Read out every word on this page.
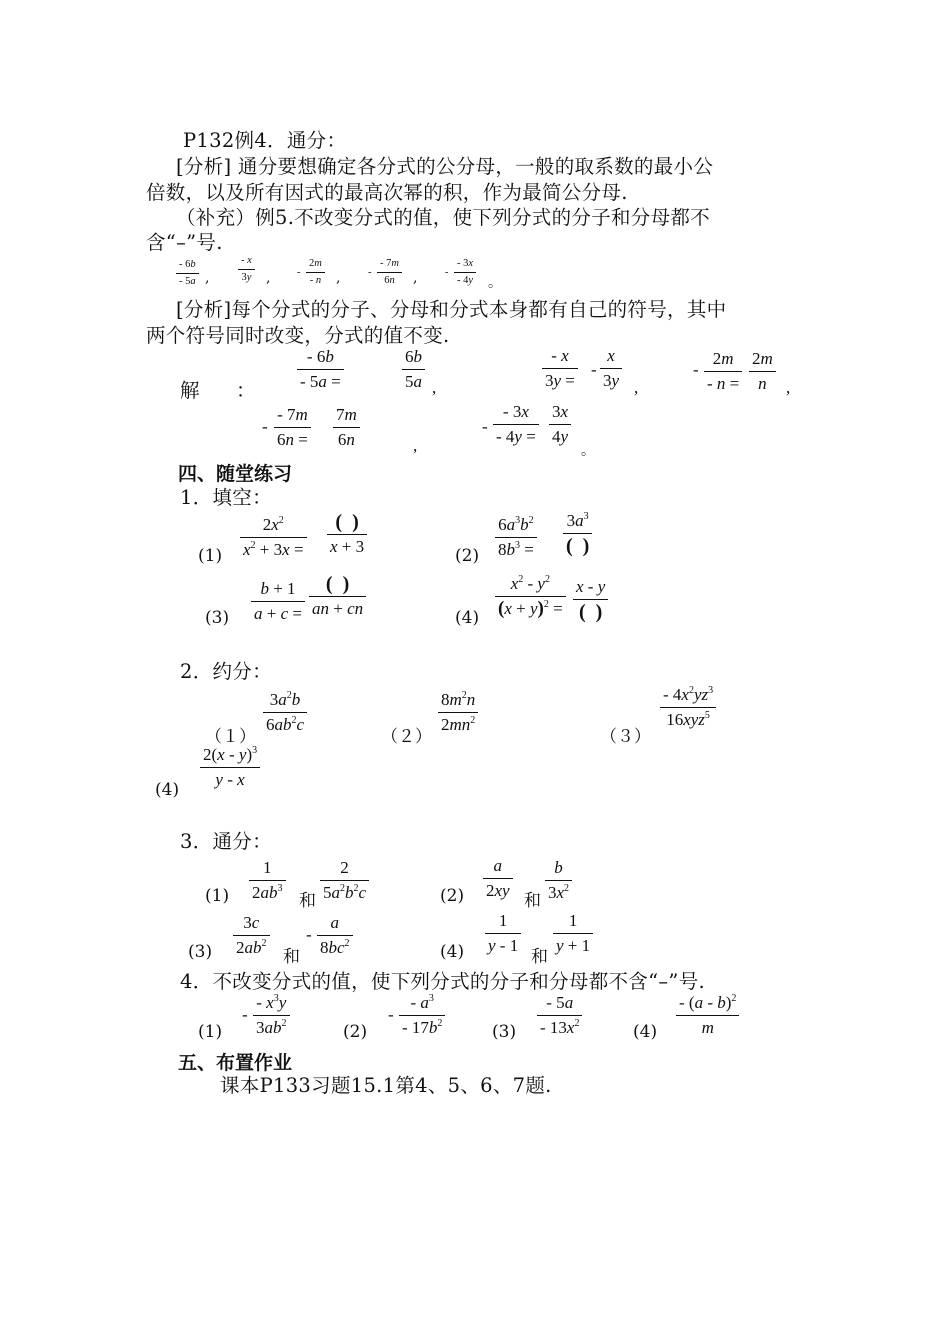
P132例4．通分：
[分析] 通分要想确定各分式的公分母，一般的取系数的最小公
倍数，以及所有因式的最高次幂的积，作为最简公分母.
（补充）例5.不改变分式的值，使下列分式的分子和分母都不
含“–”号.
- 6b
- 5a ,
- x
3y ,	-
2m
- n ,	-
- 7m
6n ,	-
- 3x
- 4y 。
[分析]每个分式的分子、分母和分式本身都有自己的符号，其中
两个符号同时改变，分式的值不变.
解 ：
- 6b
- 5a =
6b
5a ,
- x
3y =
-
x
3y ,
-
2m
- n =
2m
n ,
-
- 7m
6n =
7m
6n	,
-
- 3x
- 4y =
3x
4y
。
四、随堂练习
1．填空：
(1)
$2x^2$
$x^2 + 3x$ =
(  )
x + 3	(2)
$6a^3b^2$
$8b^3$ =
$3a^3$
(  )
(3)
b + 1
a + c =
(  )
an + cn	(4)
$x^2 - y^2$
$(x + y)^2$ =
x - y
(  )
2．约分：
（１）
$3a^2b$
$6ab^2c$
（２）
$8m^2n$
$2mn^2$
（３）
- $4x^2yz^3$
16xyz$^5$
(4)
2(x - y)$^3$
y - x
3．通分：
(1)
1
$2ab^3$
和
2
$5a^2b^2c$	(2)
a
2xy
和
b
$3x^2$
(3)
3c
$2ab^2$
和
-
a
$8bc^2$	(4)
1
y - 1
和
1
y + 1
4．不改变分式的值，使下列分式的分子和分母都不含“–”号.
(1)
-
- $x^3y$
$3ab^2$	(2)
-
- $a^3$
- $17b^2$	(3)
- 5a
- $13x^2$	(4)
- (a - b)$^2$
m
五、布置作业
课本P133习题15.1第4、5、6、7题.
